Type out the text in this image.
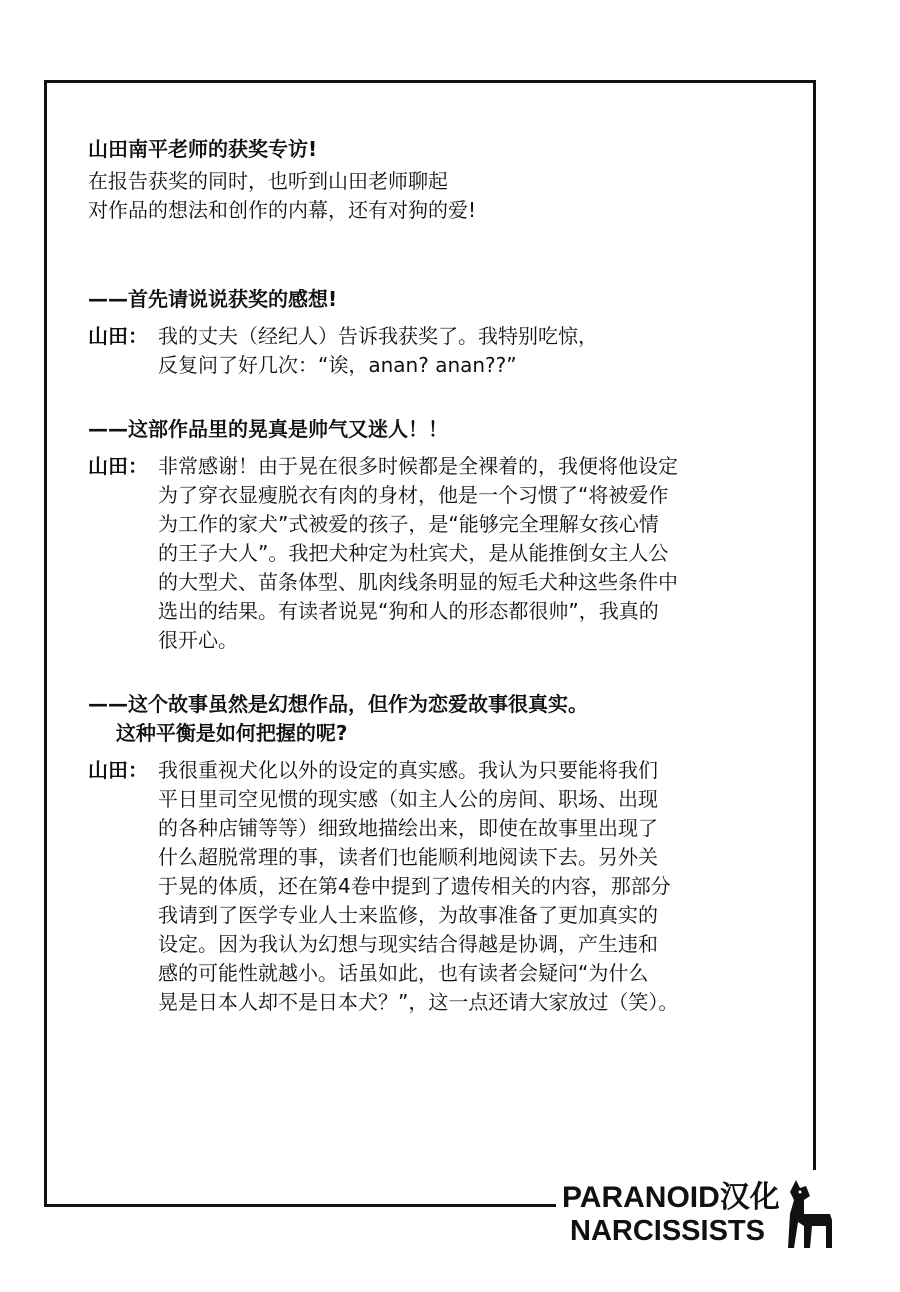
山田南平老师的获奖专访!

在报告获奖的同时，也听到山田老师聊起
对作品的想法和创作的内幕，还有对狗的爱!
——首先请说说获奖的感想!
山田： 我的丈夫（经纪人）告诉我获奖了。我特别吃惊，
反复问了好几次：“诶，anan? anan??”
——这部作品里的晃真是帅气又迷人！！
山田： 非常感谢！由于晃在很多时候都是全裸着的，我便将他设定
为了穿衣显瘦脱衣有肉的身材，他是一个习惯了“将被爱作
为工作的家犬”式被爱的孩子，是“能够完全理解女孩心情
的王子大人”。我把犬种定为杜宾犬，是从能推倒女主人公
的大型犬、苗条体型、肌肉线条明显的短毛犬种这些条件中
选出的结果。有读者说晃“狗和人的形态都很帅”，我真的
很开心。
——这个故事虽然是幻想作品，但作为恋爱故事很真实。
这种平衡是如何把握的呢?
山田： 我很重视犬化以外的设定的真实感。我认为只要能将我们
平日里司空见惯的现实感（如主人公的房间、职场、出现
的各种店铺等等）细致地描绘出来，即使在故事里出现了
什么超脱常理的事，读者们也能顺利地阅读下去。另外关
于晃的体质，还在第4卷中提到了遗传相关的内容，那部分
我请到了医学专业人士来监修，为故事准备了更加真实的
设定。因为我认为幻想与现实结合得越是协调，产生违和
感的可能性就越小。话虽如此，也有读者会疑问“为什么
晃是日本人却不是日本犬？”，这一点还请大家放过（笑）。
PARANOID汉化
NARCISSISTS
